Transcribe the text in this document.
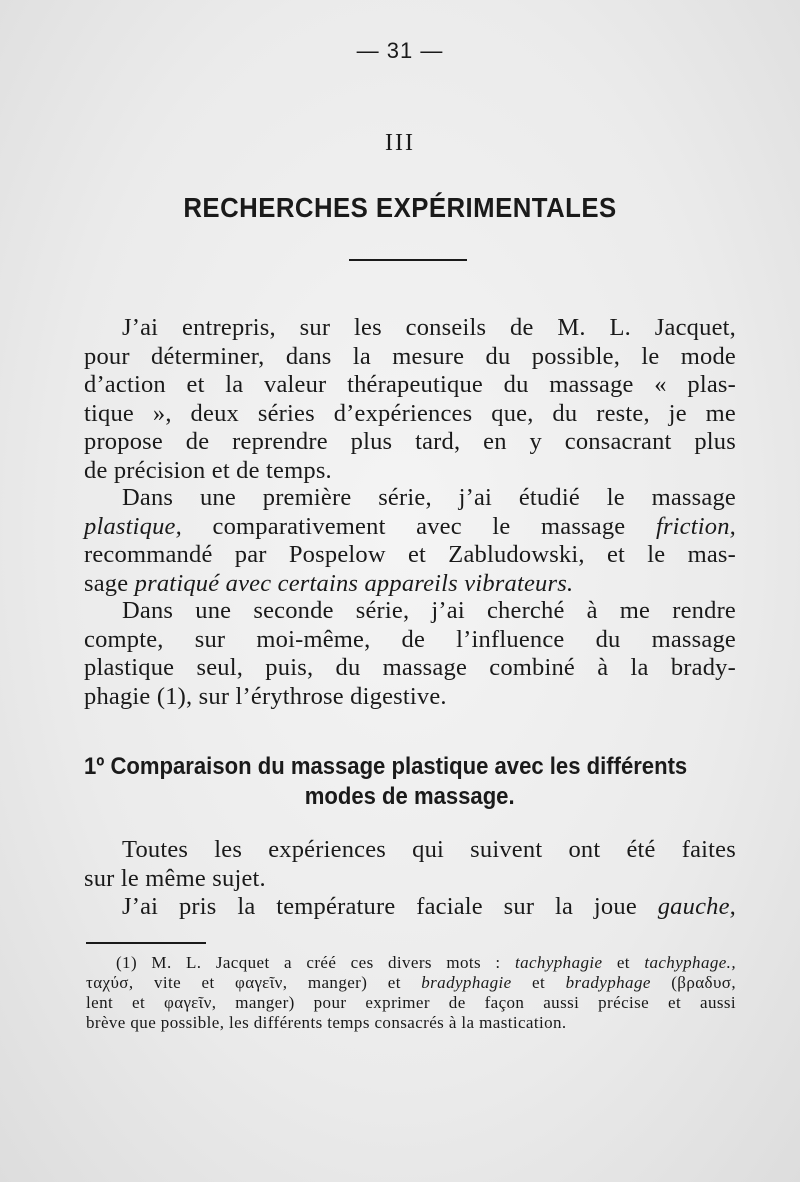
— 31 —
III
RECHERCHES EXPÉRIMENTALES
J’ai entrepris, sur les conseils de M. L. Jacquet,
pour déterminer, dans la mesure du possible, le mode
d’action et la valeur thérapeutique du massage « plas-
tique », deux séries d’expériences que, du reste, je me
propose de reprendre plus tard, en y consacrant plus
de précision et de temps.
Dans une première série, j’ai étudié le massage
plastique, comparativement avec le massage friction,
recommandé par Pospelow et Zabludowski, et le mas-
sage pratiqué avec certains appareils vibrateurs.
Dans une seconde série, j’ai cherché à me rendre
compte, sur moi-même, de l’influence du massage
plastique seul, puis, du massage combiné à la brady-
phagie (1), sur l’érythrose digestive.
1º Comparaison du massage plastique avec les différents
modes de massage.
Toutes les expériences qui suivent ont été faites
sur le même sujet.
J’ai pris la température faciale sur la joue gauche,
(1) M. L. Jacquet a créé ces divers mots : tachyphagie et tachyphage.,
ταχύσ, vite et φαγεῖν, manger) et bradyphagie et bradyphage (βραδυσ,
lent et φαγεῖν, manger) pour exprimer de façon aussi précise et aussi
brève que possible, les différents temps consacrés à la mastication.
